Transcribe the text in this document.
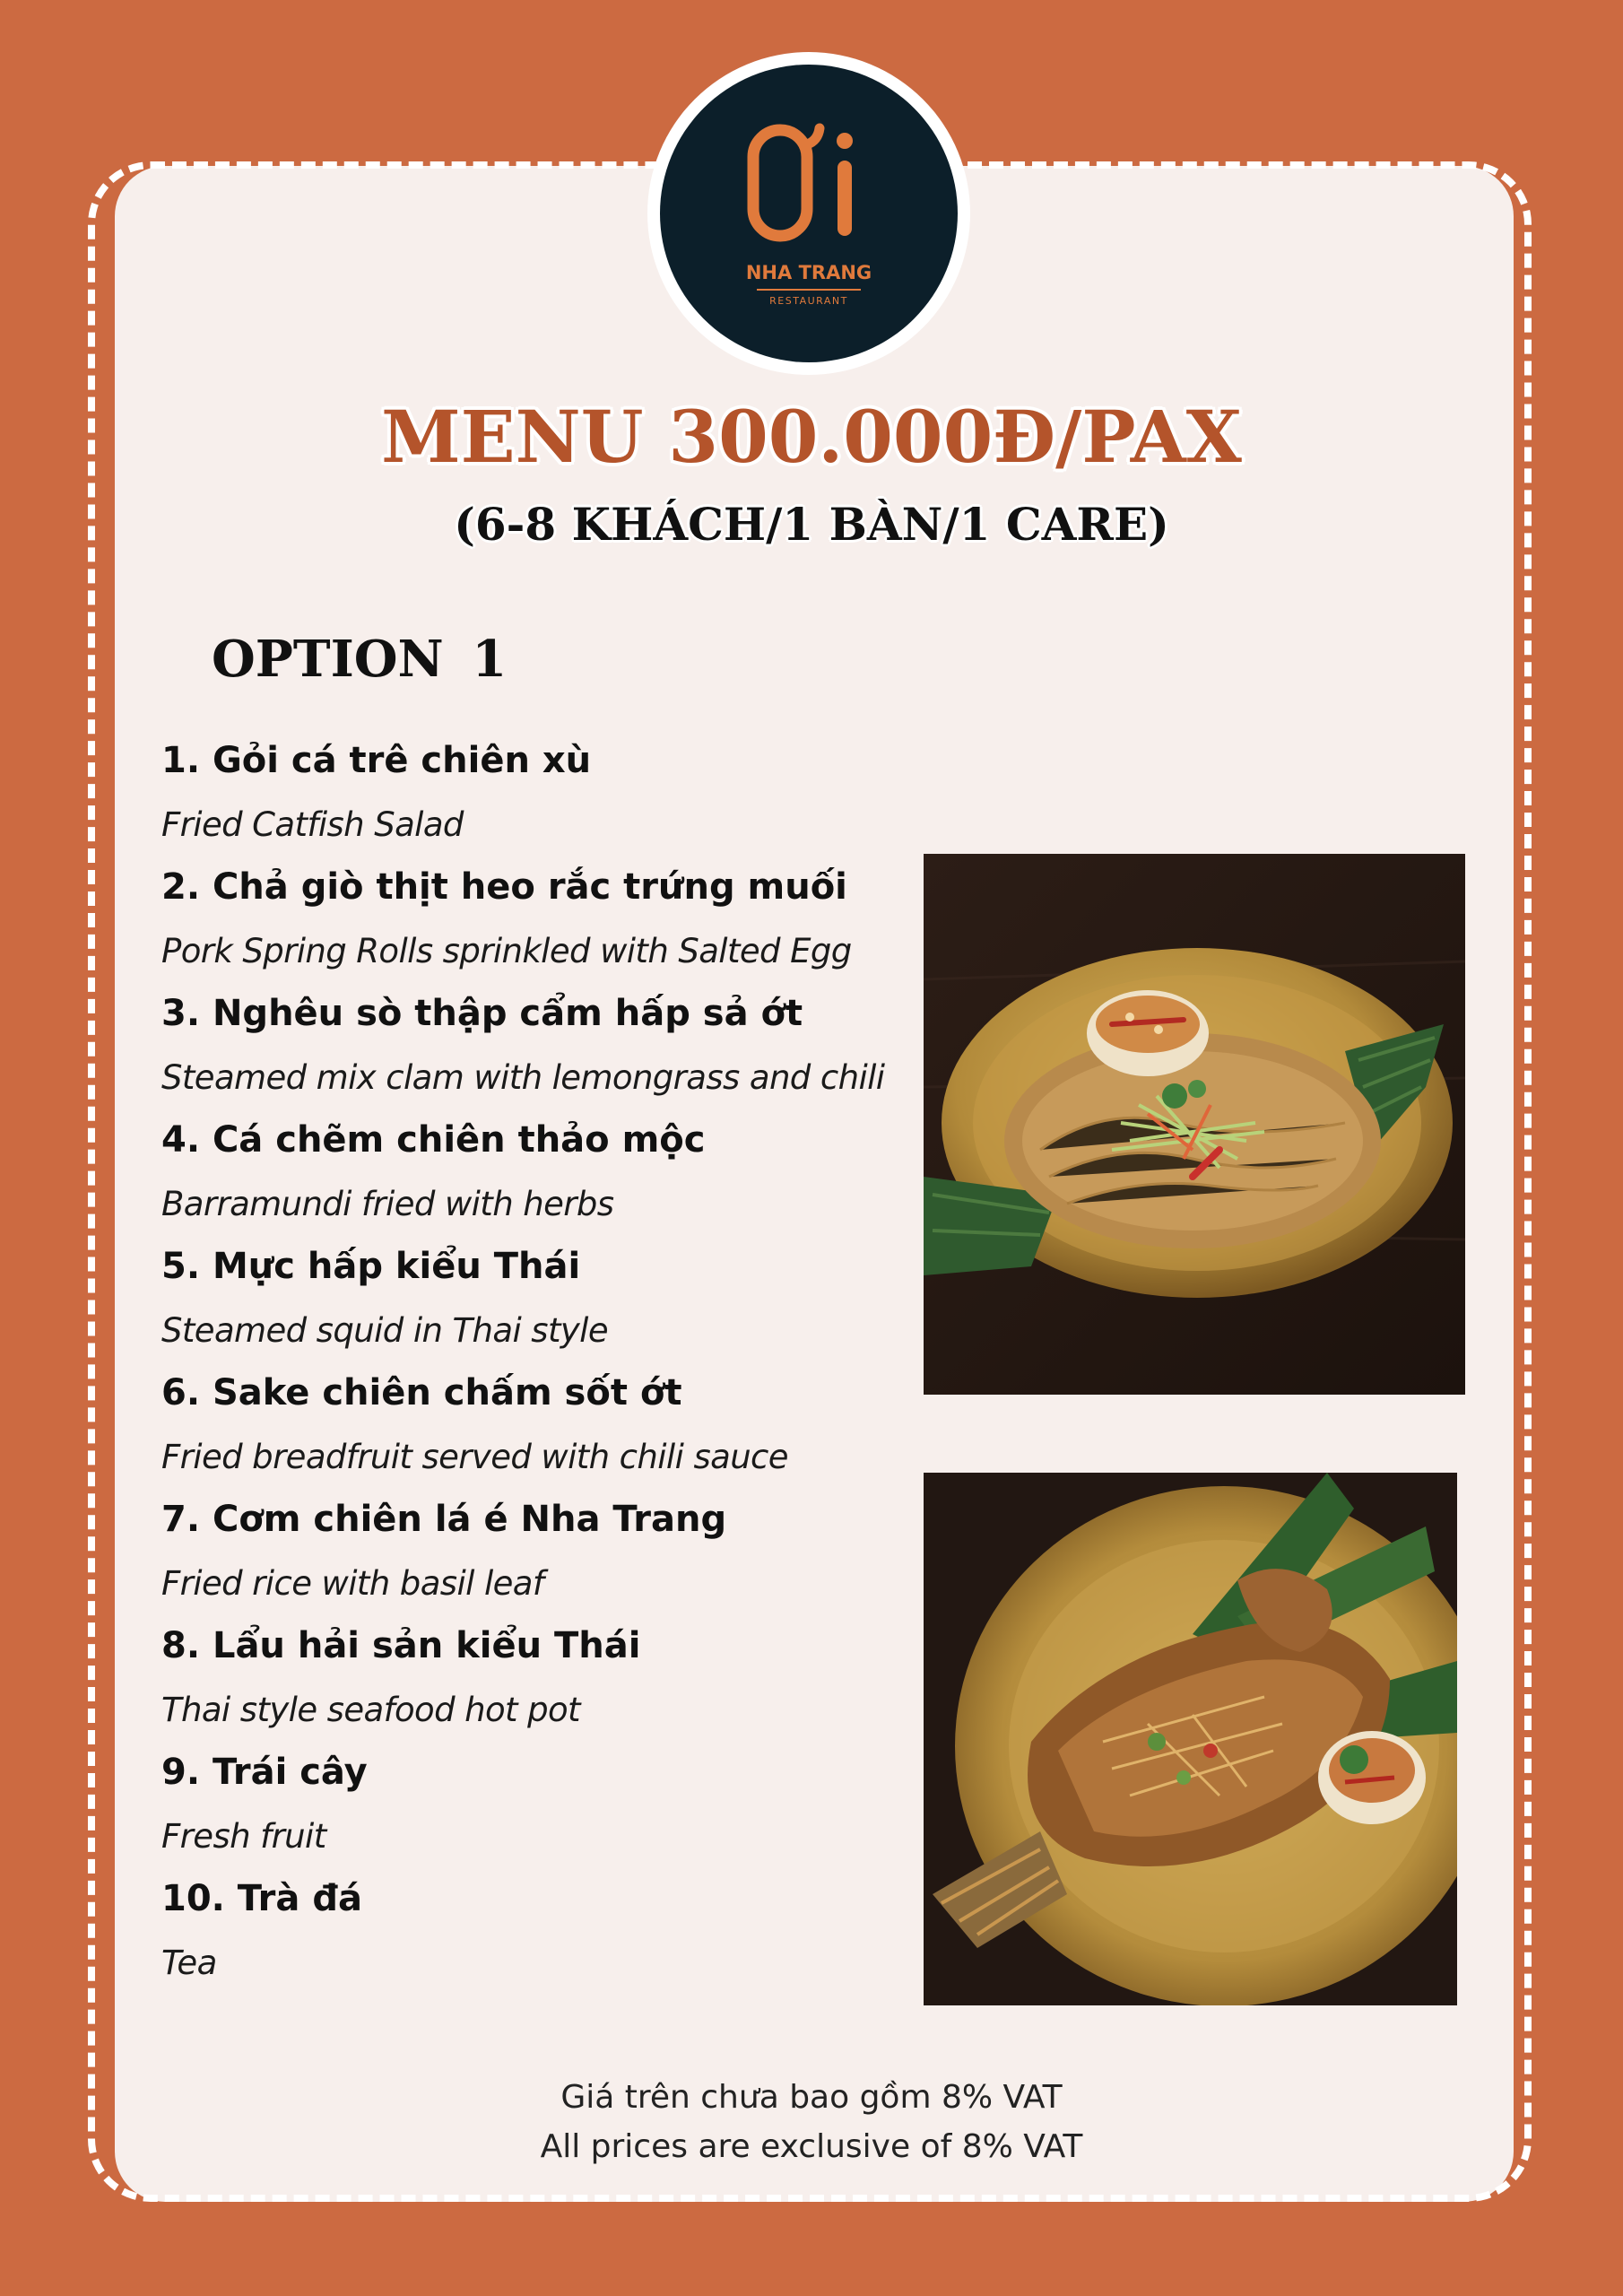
NHA TRANG
RESTAURANT
MENU 300.000Đ/PAX
(6-8 KHÁCH/1 BÀN/1 CARE)
OPTION 1
1. Gỏi cá trê chiên xù
Fried Catfish Salad
2. Chả giò thịt heo rắc trứng muối
Pork Spring Rolls sprinkled with Salted Egg
3. Nghêu sò thập cẩm hấp sả ớt
Steamed mix clam with lemongrass and chili
4. Cá chẽm chiên thảo mộc
Barramundi fried with herbs
5. Mực hấp kiểu Thái
Steamed squid in Thai style
6. Sake chiên chấm sốt ớt
Fried breadfruit served with chili sauce
7. Cơm chiên lá é Nha Trang
Fried rice with basil leaf
8. Lẩu hải sản kiểu Thái
Thai style seafood hot pot
9. Trái cây
Fresh fruit
10. Trà đá
Tea
Giá trên chưa bao gồm 8% VAT
All prices are exclusive of 8% VAT
